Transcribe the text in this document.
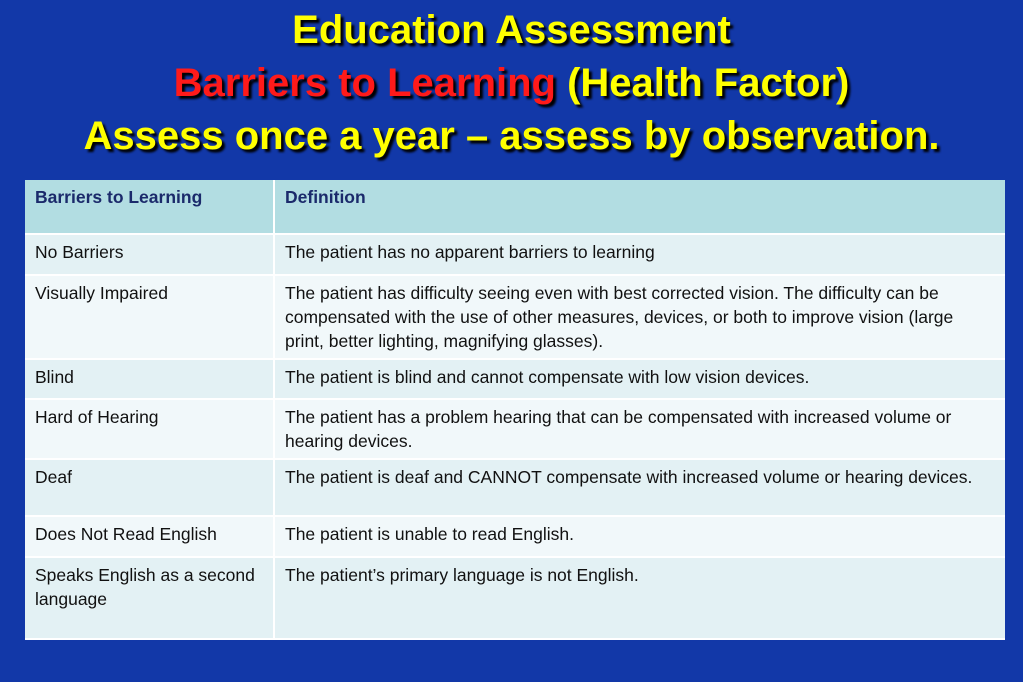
Education Assessment
Barriers to Learning (Health Factor)
Assess once a year – assess by observation.
Barriers to Learning	Definition
No Barriers	The patient has no apparent barriers to learning
Visually Impaired	The patient has difficulty seeing even with best corrected vision. The difficulty can be compensated with the use of other measures, devices, or both to improve vision (large print, better lighting, magnifying glasses).
Blind	The patient is blind and cannot compensate with low vision devices.
Hard of Hearing	The patient has a problem hearing that can be compensated with increased volume or hearing devices.
Deaf	The patient is deaf and CANNOT compensate with increased volume or hearing devices.
Does Not Read English	The patient is unable to read English.
Speaks English as a second language	The patient’s primary language is not English.
